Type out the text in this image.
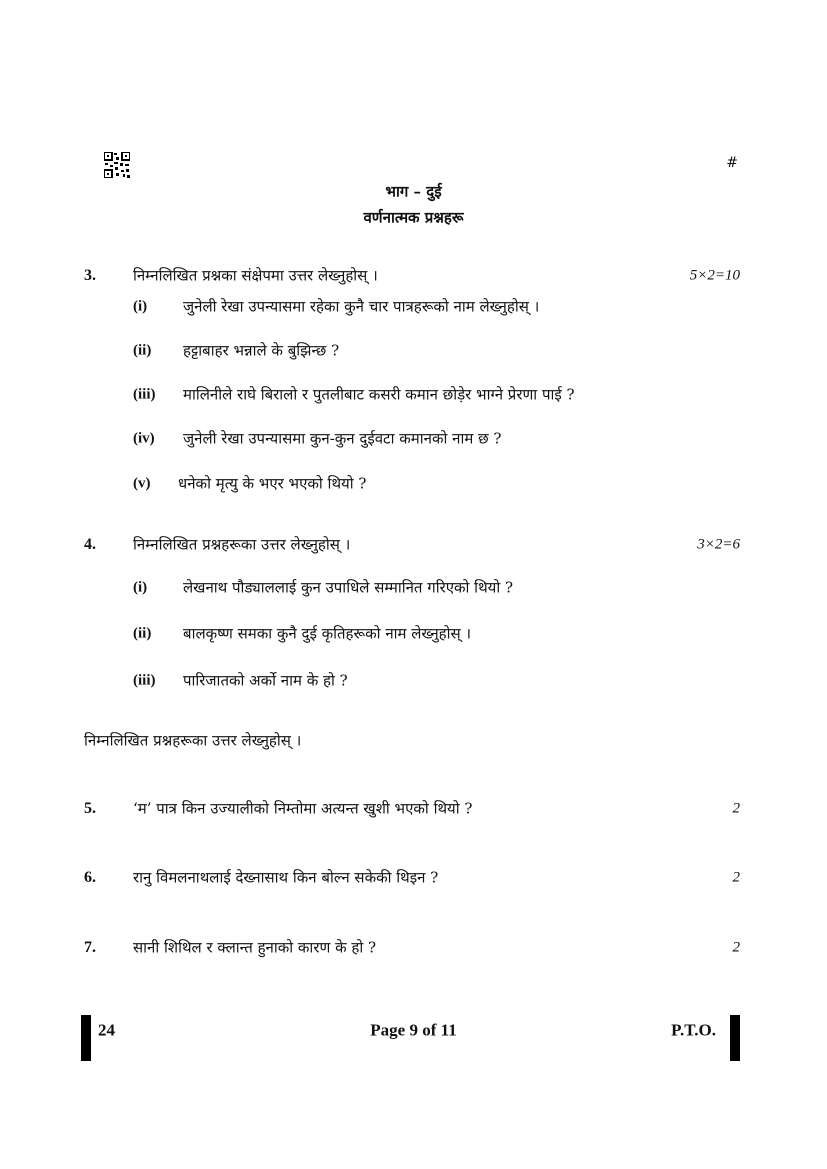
#
भाग – दुई
वर्णनात्मक प्रश्नहरू
3. निम्नलिखित प्रश्नका संक्षेपमा उत्तर लेख्नुहोस् ।	5×2=10
(i) जुनेली रेखा उपन्यासमा रहेका कुनै चार पात्रहरूको नाम लेख्नुहोस् ।
(ii) हट्टाबाहर भन्नाले के बुझिन्छ ?
(iii) मालिनीले राघे बिरालो र पुतलीबाट कसरी कमान छोड़ेर भाग्ने प्रेरणा पाई ?
(iv) जुनेली रेखा उपन्यासमा कुन-कुन दुईवटा कमानको नाम छ ?
(v) धनेको मृत्यु के भएर भएको थियो ?
4. निम्नलिखित प्रश्नहरूका उत्तर लेख्नुहोस् ।	3×2=6
(i) लेखनाथ पौड्याललाई कुन उपाधिले सम्मानित गरिएको थियो ?
(ii) बालकृष्ण समका कुनै दुई कृतिहरूको नाम लेख्नुहोस् ।
(iii) पारिजातको अर्को नाम के हो ?
निम्नलिखित प्रश्नहरूका उत्तर लेख्नुहोस् ।
5. ‘म’ पात्र किन उज्यालीको निम्तोमा अत्यन्त खुशी भएको थियो ?	2
6. रानु विमलनाथलाई देख्नासाथ किन बोल्न सकेकी थिइन ?	2
7. सानी शिथिल र क्लान्त हुनाको कारण के हो ?	2
24	Page 9 of 11	P.T.O.
